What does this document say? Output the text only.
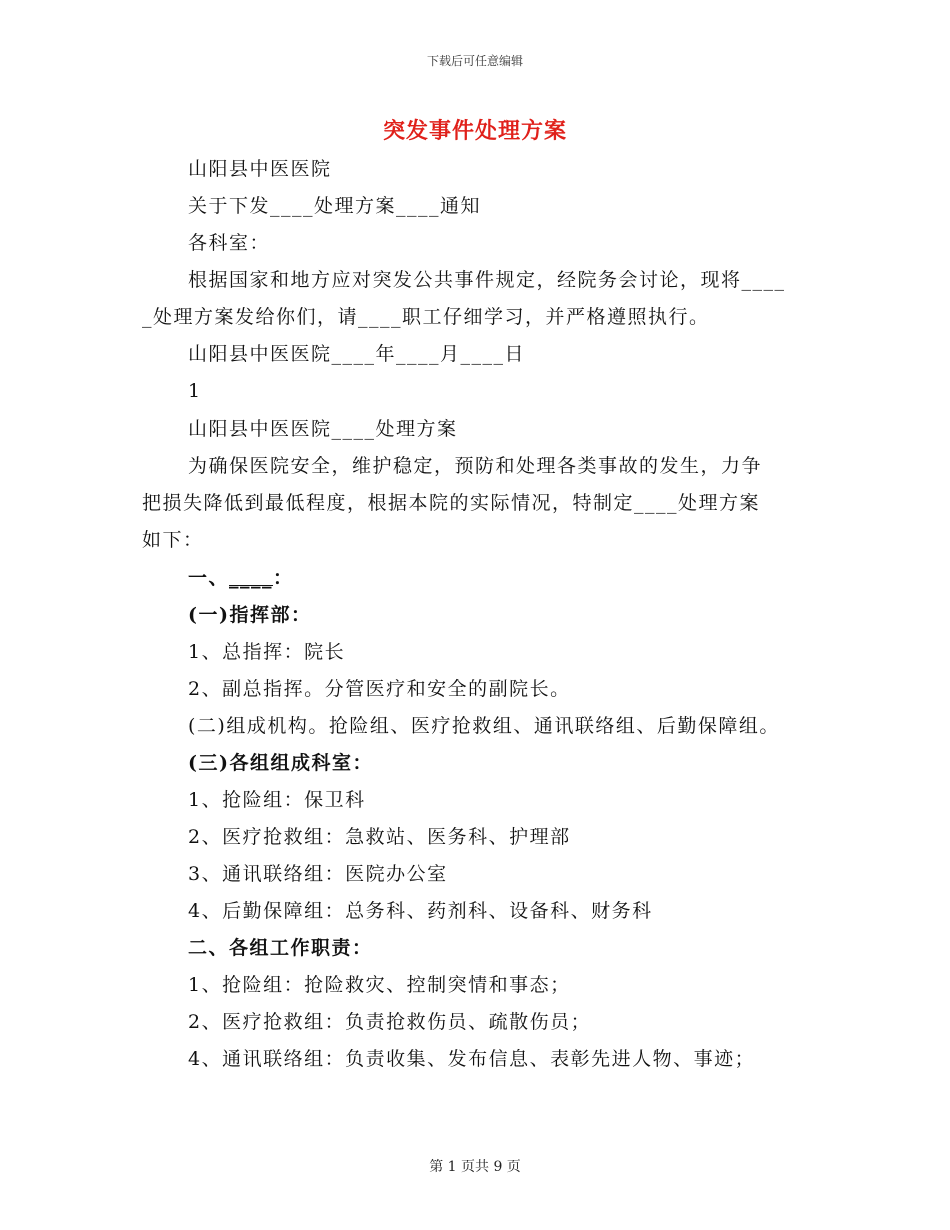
下载后可任意编辑
突发事件处理方案
山阳县中医医院
关于下发____处理方案____通知
各科室：
根据国家和地方应对突发公共事件规定，经院务会讨论，现将____
_处理方案发给你们，请____职工仔细学习，并严格遵照执行。
山阳县中医医院____年____月____日
1
山阳县中医医院____处理方案
为确保医院安全，维护稳定，预防和处理各类事故的发生，力争
把损失降低到最低程度，根据本院的实际情况，特制定____处理方案
如下：
一、____：
(一)指挥部：
1、总指挥：院长
2、副总指挥。分管医疗和安全的副院长。
(二)组成机构。抢险组、医疗抢救组、通讯联络组、后勤保障组。
(三)各组组成科室：
1、抢险组：保卫科
2、医疗抢救组：急救站、医务科、护理部
3、通讯联络组：医院办公室
4、后勤保障组：总务科、药剂科、设备科、财务科
二、各组工作职责：
1、抢险组：抢险救灾、控制突情和事态；
2、医疗抢救组：负责抢救伤员、疏散伤员；
4、通讯联络组：负责收集、发布信息、表彰先进人物、事迹；
第 1 页共 9 页
